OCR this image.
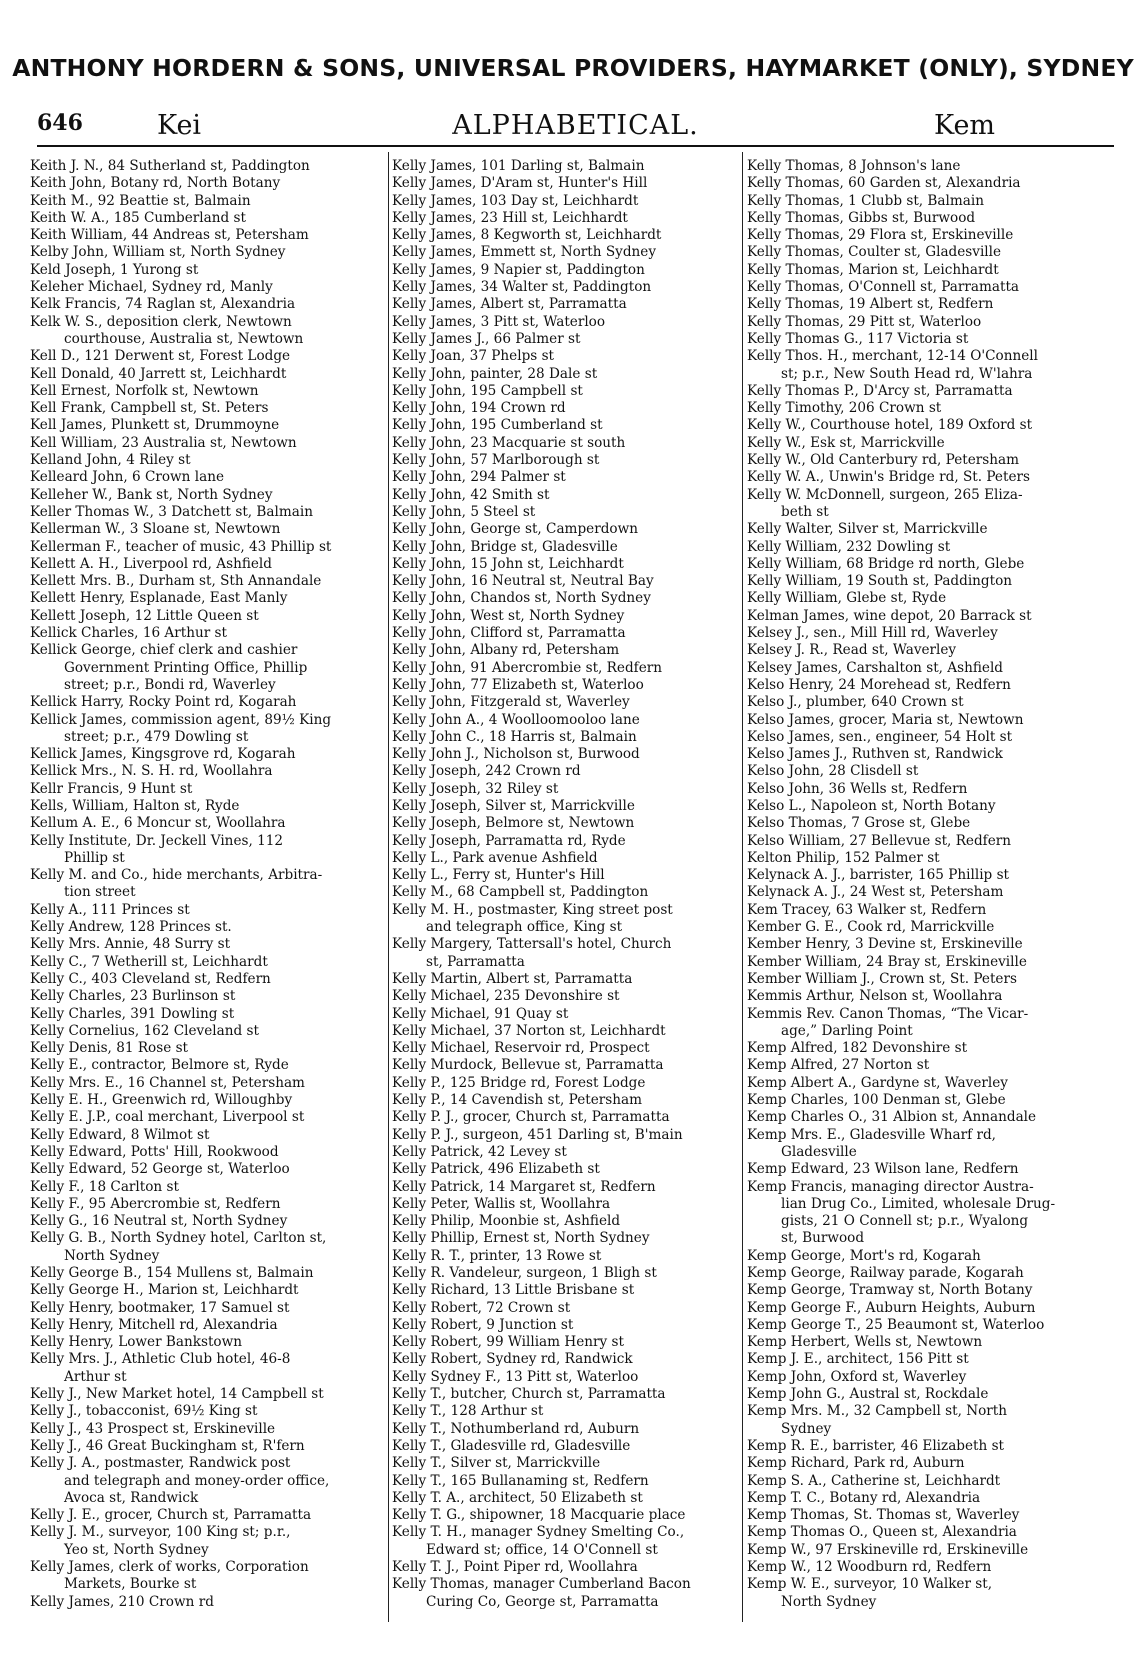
ANTHONY HORDERN & SONS, UNIVERSAL PROVIDERS, HAYMARKET (ONLY), SYDNEY
ALPHABETICAL.
646	Kei	Kem
Keith J. N., 84 Sutherland st, Paddington
Keith John, Botany rd, North Botany
Keith M., 92 Beattie st, Balmain
Keith W. A., 185 Cumberland st
Keith William, 44 Andreas st, Petersham
Kelby John, William st, North Sydney
Keld Joseph, 1 Yurong st
Keleher Michael, Sydney rd, Manly
Kelk Francis, 74 Raglan st, Alexandria
Kelk W. S., deposition clerk, Newtown
courthouse, Australia st, Newtown
Kell D., 121 Derwent st, Forest Lodge
Kell Donald, 40 Jarrett st, Leichhardt
Kell Ernest, Norfolk st, Newtown
Kell Frank, Campbell st, St. Peters
Kell James, Plunkett st, Drummoyne
Kell William, 23 Australia st, Newtown
Kelland John, 4 Riley st
Kelleard John, 6 Crown lane
Kelleher W., Bank st, North Sydney
Keller Thomas W., 3 Datchett st, Balmain
Kellerman W., 3 Sloane st, Newtown
Kellerman F., teacher of music, 43 Phillip st
Kellett A. H., Liverpool rd, Ashfield
Kellett Mrs. B., Durham st, Sth Annandale
Kellett Henry, Esplanade, East Manly
Kellett Joseph, 12 Little Queen st
Kellick Charles, 16 Arthur st
Kellick George, chief clerk and cashier
Government Printing Office, Phillip
street; p.r., Bondi rd, Waverley
Kellick Harry, Rocky Point rd, Kogarah
Kellick James, commission agent, 89½ King
street; p.r., 479 Dowling st
Kellick James, Kingsgrove rd, Kogarah
Kellick Mrs., N. S. H. rd, Woollahra
Kellr Francis, 9 Hunt st
Kells, William, Halton st, Ryde
Kellum A. E., 6 Moncur st, Woollahra
Kelly Institute, Dr. Jeckell Vines, 112
Phillip st
Kelly M. and Co., hide merchants, Arbitra-
tion street
Kelly A., 111 Princes st
Kelly Andrew, 128 Princes st.
Kelly Mrs. Annie, 48 Surry st
Kelly C., 7 Wetherill st, Leichhardt
Kelly C., 403 Cleveland st, Redfern
Kelly Charles, 23 Burlinson st
Kelly Charles, 391 Dowling st
Kelly Cornelius, 162 Cleveland st
Kelly Denis, 81 Rose st
Kelly E., contractor, Belmore st, Ryde
Kelly Mrs. E., 16 Channel st, Petersham
Kelly E. H., Greenwich rd, Willoughby
Kelly E. J.P., coal merchant, Liverpool st
Kelly Edward, 8 Wilmot st
Kelly Edward, Potts' Hill, Rookwood
Kelly Edward, 52 George st, Waterloo
Kelly F., 18 Carlton st
Kelly F., 95 Abercrombie st, Redfern
Kelly G., 16 Neutral st, North Sydney
Kelly G. B., North Sydney hotel, Carlton st,
North Sydney
Kelly George B., 154 Mullens st, Balmain
Kelly George H., Marion st, Leichhardt
Kelly Henry, bootmaker, 17 Samuel st
Kelly Henry, Mitchell rd, Alexandria
Kelly Henry, Lower Bankstown
Kelly Mrs. J., Athletic Club hotel, 46-8
Arthur st
Kelly J., New Market hotel, 14 Campbell st
Kelly J., tobacconist, 69½ King st
Kelly J., 43 Prospect st, Erskineville
Kelly J., 46 Great Buckingham st, R'fern
Kelly J. A., postmaster, Randwick post
and telegraph and money-order office,
Avoca st, Randwick
Kelly J. E., grocer, Church st, Parramatta
Kelly J. M., surveyor, 100 King st; p.r.,
Yeo st, North Sydney
Kelly James, clerk of works, Corporation
Markets, Bourke st
Kelly James, 210 Crown rd
Kelly James, 101 Darling st, Balmain
Kelly James, D'Aram st, Hunter's Hill
Kelly James, 103 Day st, Leichhardt
Kelly James, 23 Hill st, Leichhardt
Kelly James, 8 Kegworth st, Leichhardt
Kelly James, Emmett st, North Sydney
Kelly James, 9 Napier st, Paddington
Kelly James, 34 Walter st, Paddington
Kelly James, Albert st, Parramatta
Kelly James, 3 Pitt st, Waterloo
Kelly James J., 66 Palmer st
Kelly Joan, 37 Phelps st
Kelly John, painter, 28 Dale st
Kelly John, 195 Campbell st
Kelly John, 194 Crown rd
Kelly John, 195 Cumberland st
Kelly John, 23 Macquarie st south
Kelly John, 57 Marlborough st
Kelly John, 294 Palmer st
Kelly John, 42 Smith st
Kelly John, 5 Steel st
Kelly John, George st, Camperdown
Kelly John, Bridge st, Gladesville
Kelly John, 15 John st, Leichhardt
Kelly John, 16 Neutral st, Neutral Bay
Kelly John, Chandos st, North Sydney
Kelly John, West st, North Sydney
Kelly John, Clifford st, Parramatta
Kelly John, Albany rd, Petersham
Kelly John, 91 Abercrombie st, Redfern
Kelly John, 77 Elizabeth st, Waterloo
Kelly John, Fitzgerald st, Waverley
Kelly John A., 4 Woolloomooloo lane
Kelly John C., 18 Harris st, Balmain
Kelly John J., Nicholson st, Burwood
Kelly Joseph, 242 Crown rd
Kelly Joseph, 32 Riley st
Kelly Joseph, Silver st, Marrickville
Kelly Joseph, Belmore st, Newtown
Kelly Joseph, Parramatta rd, Ryde
Kelly L., Park avenue Ashfield
Kelly L., Ferry st, Hunter's Hill
Kelly M., 68 Campbell st, Paddington
Kelly M. H., postmaster, King street post
and telegraph office, King st
Kelly Margery, Tattersall's hotel, Church
st, Parramatta
Kelly Martin, Albert st, Parramatta
Kelly Michael, 235 Devonshire st
Kelly Michael, 91 Quay st
Kelly Michael, 37 Norton st, Leichhardt
Kelly Michael, Reservoir rd, Prospect
Kelly Murdock, Bellevue st, Parramatta
Kelly P., 125 Bridge rd, Forest Lodge
Kelly P., 14 Cavendish st, Petersham
Kelly P. J., grocer, Church st, Parramatta
Kelly P. J., surgeon, 451 Darling st, B'main
Kelly Patrick, 42 Levey st
Kelly Patrick, 496 Elizabeth st
Kelly Patrick, 14 Margaret st, Redfern
Kelly Peter, Wallis st, Woollahra
Kelly Philip, Moonbie st, Ashfield
Kelly Phillip, Ernest st, North Sydney
Kelly R. T., printer, 13 Rowe st
Kelly R. Vandeleur, surgeon, 1 Bligh st
Kelly Richard, 13 Little Brisbane st
Kelly Robert, 72 Crown st
Kelly Robert, 9 Junction st
Kelly Robert, 99 William Henry st
Kelly Robert, Sydney rd, Randwick
Kelly Sydney F., 13 Pitt st, Waterloo
Kelly T., butcher, Church st, Parramatta
Kelly T., 128 Arthur st
Kelly T., Nothumberland rd, Auburn
Kelly T., Gladesville rd, Gladesville
Kelly T., Silver st, Marrickville
Kelly T., 165 Bullanaming st, Redfern
Kelly T. A., architect, 50 Elizabeth st
Kelly T. G., shipowner, 18 Macquarie place
Kelly T. H., manager Sydney Smelting Co.,
Edward st; office, 14 O'Connell st
Kelly T. J., Point Piper rd, Woollahra
Kelly Thomas, manager Cumberland Bacon
Curing Co, George st, Parramatta
Kelly Thomas, 8 Johnson's lane
Kelly Thomas, 60 Garden st, Alexandria
Kelly Thomas, 1 Clubb st, Balmain
Kelly Thomas, Gibbs st, Burwood
Kelly Thomas, 29 Flora st, Erskineville
Kelly Thomas, Coulter st, Gladesville
Kelly Thomas, Marion st, Leichhardt
Kelly Thomas, O'Connell st, Parramatta
Kelly Thomas, 19 Albert st, Redfern
Kelly Thomas, 29 Pitt st, Waterloo
Kelly Thomas G., 117 Victoria st
Kelly Thos. H., merchant, 12-14 O'Connell
st; p.r., New South Head rd, W'lahra
Kelly Thomas P., D'Arcy st, Parramatta
Kelly Timothy, 206 Crown st
Kelly W., Courthouse hotel, 189 Oxford st
Kelly W., Esk st, Marrickville
Kelly W., Old Canterbury rd, Petersham
Kelly W. A., Unwin's Bridge rd, St. Peters
Kelly W. McDonnell, surgeon, 265 Eliza-
beth st
Kelly Walter, Silver st, Marrickville
Kelly William, 232 Dowling st
Kelly William, 68 Bridge rd north, Glebe
Kelly William, 19 South st, Paddington
Kelly William, Glebe st, Ryde
Kelman James, wine depot, 20 Barrack st
Kelsey J., sen., Mill Hill rd, Waverley
Kelsey J. R., Read st, Waverley
Kelsey James, Carshalton st, Ashfield
Kelso Henry, 24 Morehead st, Redfern
Kelso J., plumber, 640 Crown st
Kelso James, grocer, Maria st, Newtown
Kelso James, sen., engineer, 54 Holt st
Kelso James J., Ruthven st, Randwick
Kelso John, 28 Clisdell st
Kelso John, 36 Wells st, Redfern
Kelso L., Napoleon st, North Botany
Kelso Thomas, 7 Grose st, Glebe
Kelso William, 27 Bellevue st, Redfern
Kelton Philip, 152 Palmer st
Kelynack A. J., barrister, 165 Phillip st
Kelynack A. J., 24 West st, Petersham
Kem Tracey, 63 Walker st, Redfern
Kember G. E., Cook rd, Marrickville
Kember Henry, 3 Devine st, Erskineville
Kember William, 24 Bray st, Erskineville
Kember William J., Crown st, St. Peters
Kemmis Arthur, Nelson st, Woollahra
Kemmis Rev. Canon Thomas, “The Vicar-
age,” Darling Point
Kemp Alfred, 182 Devonshire st
Kemp Alfred, 27 Norton st
Kemp Albert A., Gardyne st, Waverley
Kemp Charles, 100 Denman st, Glebe
Kemp Charles O., 31 Albion st, Annandale
Kemp Mrs. E., Gladesville Wharf rd,
Gladesville
Kemp Edward, 23 Wilson lane, Redfern
Kemp Francis, managing director Austra-
lian Drug Co., Limited, wholesale Drug-
gists, 21 O Connell st; p.r., Wyalong
st, Burwood
Kemp George, Mort's rd, Kogarah
Kemp George, Railway parade, Kogarah
Kemp George, Tramway st, North Botany
Kemp George F., Auburn Heights, Auburn
Kemp George T., 25 Beaumont st, Waterloo
Kemp Herbert, Wells st, Newtown
Kemp J. E., architect, 156 Pitt st
Kemp John, Oxford st, Waverley
Kemp John G., Austral st, Rockdale
Kemp Mrs. M., 32 Campbell st, North
Sydney
Kemp R. E., barrister, 46 Elizabeth st
Kemp Richard, Park rd, Auburn
Kemp S. A., Catherine st, Leichhardt
Kemp T. C., Botany rd, Alexandria
Kemp Thomas, St. Thomas st, Waverley
Kemp Thomas O., Queen st, Alexandria
Kemp W., 97 Erskineville rd, Erskineville
Kemp W., 12 Woodburn rd, Redfern
Kemp W. E., surveyor, 10 Walker st,
North Sydney
